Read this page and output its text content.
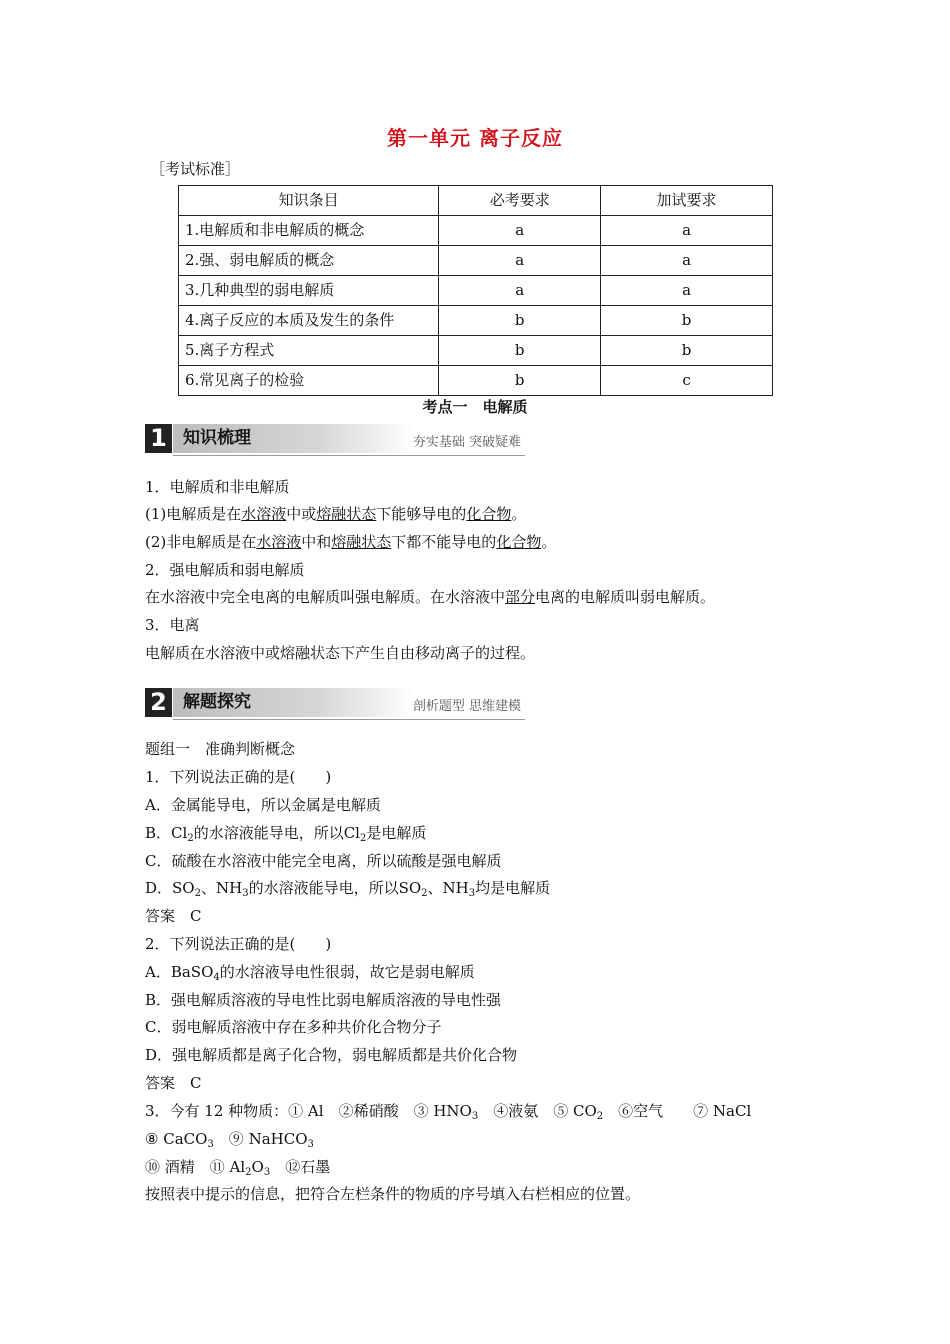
第一单元 离子反应
［考试标准］
知识条目	必考要求	加试要求
1.电解质和非电解质的概念	a	a
2.强、弱电解质的概念	a	a
3.几种典型的弱电解质	a	a
4.离子反应的本质及发生的条件	b	b
5.离子方程式	b	b
6.常见离子的检验	b	c
考点一　电解质
1 知识梳理	夯实基础 突破疑难
1．电解质和非电解质
(1)电解质是在水溶液中或熔融状态下能够导电的化合物。
(2)非电解质是在水溶液中和熔融状态下都不能导电的化合物。
2．强电解质和弱电解质
在水溶液中完全电离的电解质叫强电解质。在水溶液中部分电离的电解质叫弱电解质。
3．电离
电解质在水溶液中或熔融状态下产生自由移动离子的过程。
2 解题探究	剖析题型 思维建模
题组一　准确判断概念
1．下列说法正确的是(　　)
A．金属能导电，所以金属是电解质
B．$Cl_2$的水溶液能导电，所以$Cl_2$是电解质
C．硫酸在水溶液中能完全电离，所以硫酸是强电解质
D．$SO_2$、$NH_3$的水溶液能导电，所以$SO_2$、$NH_3$均是电解质
答案　C
2．下列说法正确的是(　　)
A．BaSO$_4$的水溶液导电性很弱，故它是弱电解质
B．强电解质溶液的导电性比弱电解质溶液的导电性强
C．弱电解质溶液中存在多种共价化合物分子
D．强电解质都是离子化合物，弱电解质都是共价化合物
答案　C
3．今有 12 种物质：① Al　②稀硝酸　③ $HNO_3$　④液氨　⑤ $CO_2$　⑥空气　　⑦ NaCl
⑧ CaCO$_3$　⑨ NaHCO$_3$
⑩ 酒精　⑪ $Al_2O_3$　⑫石墨
按照表中提示的信息，把符合左栏条件的物质的序号填入右栏相应的位置。
